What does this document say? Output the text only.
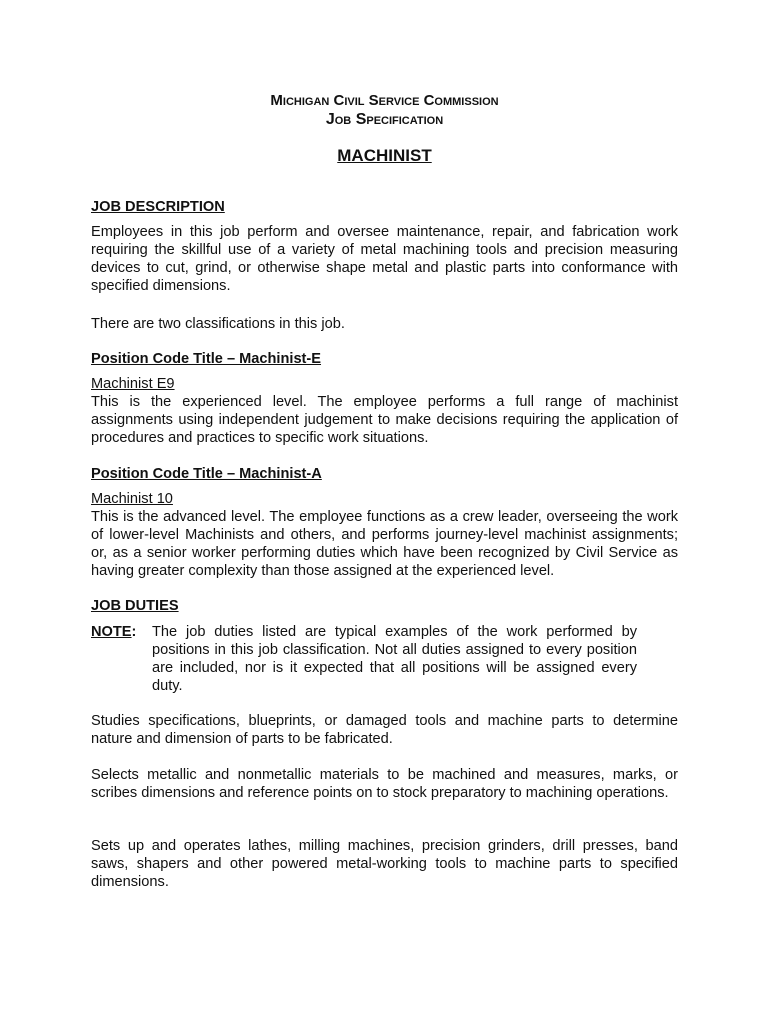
Michigan Civil Service Commission
Job Specification
MACHINIST
JOB DESCRIPTION

Employees in this job perform and oversee maintenance, repair, and fabrication work requiring the skillful use of a variety of metal machining tools and precision measuring devices to cut, grind, or otherwise shape metal and plastic parts into conformance with specified dimensions.

There are two classifications in this job.

Position Code Title – Machinist-E
Machinist E9

This is the experienced level. The employee performs a full range of machinist assignments using independent judgement to make decisions requiring the application of procedures and practices to specific work situations.

Position Code Title – Machinist-A
Machinist 10

This is the advanced level. The employee functions as a crew leader, overseeing the work of lower-level Machinists and others, and performs journey-level machinist assignments; or, as a senior worker performing duties which have been recognized by Civil Service as having greater complexity than those assigned at the experienced level.

JOB DUTIES
NOTE: The job duties listed are typical examples of the work performed by positions in this job classification. Not all duties assigned to every position are included, nor is it expected that all positions will be assigned every duty.

Studies specifications, blueprints, or damaged tools and machine parts to determine nature and dimension of parts to be fabricated.

Selects metallic and nonmetallic materials to be machined and measures, marks, or scribes dimensions and reference points on to stock preparatory to machining operations.

Sets up and operates lathes, milling machines, precision grinders, drill presses, band saws, shapers and other powered metal-working tools to machine parts to specified dimensions.
